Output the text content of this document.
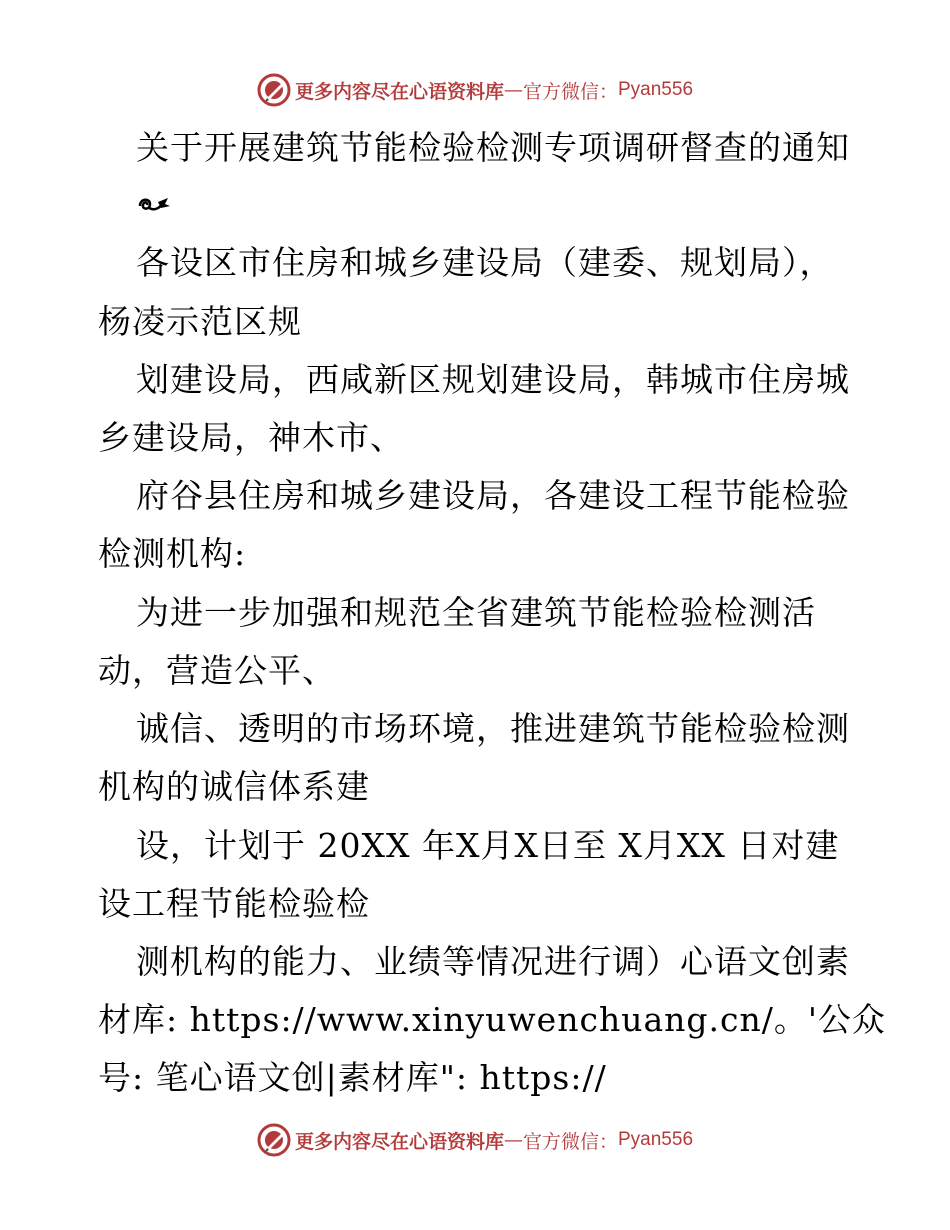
更多内容尽在心语资料库 — 官方微信： Pyan556
关于开展建筑节能检验检测专项调研督查的通知
各设区市住房和城乡建设局（建委、规划局），
杨凌示范区规
划建设局，西咸新区规划建设局，韩城市住房城
乡建设局，神木市、
府谷县住房和城乡建设局，各建设工程节能检验
检测机构:
为进一步加强和规范全省建筑节能检验检测活
动，营造公平、
诚信、透明的市场环境，推进建筑节能检验检测
机构的诚信体系建
设，计划于 20XX 年X月X日至 X月XX 日对建
设工程节能检验检
测机构的能力、业绩等情况进行调）心语文创素
材库: https://www.xinyuwenchuang.cn/。'公众
号: 笔心语文创|素材库": https://
更多内容尽在心语资料库 — 官方微信： Pyan556
